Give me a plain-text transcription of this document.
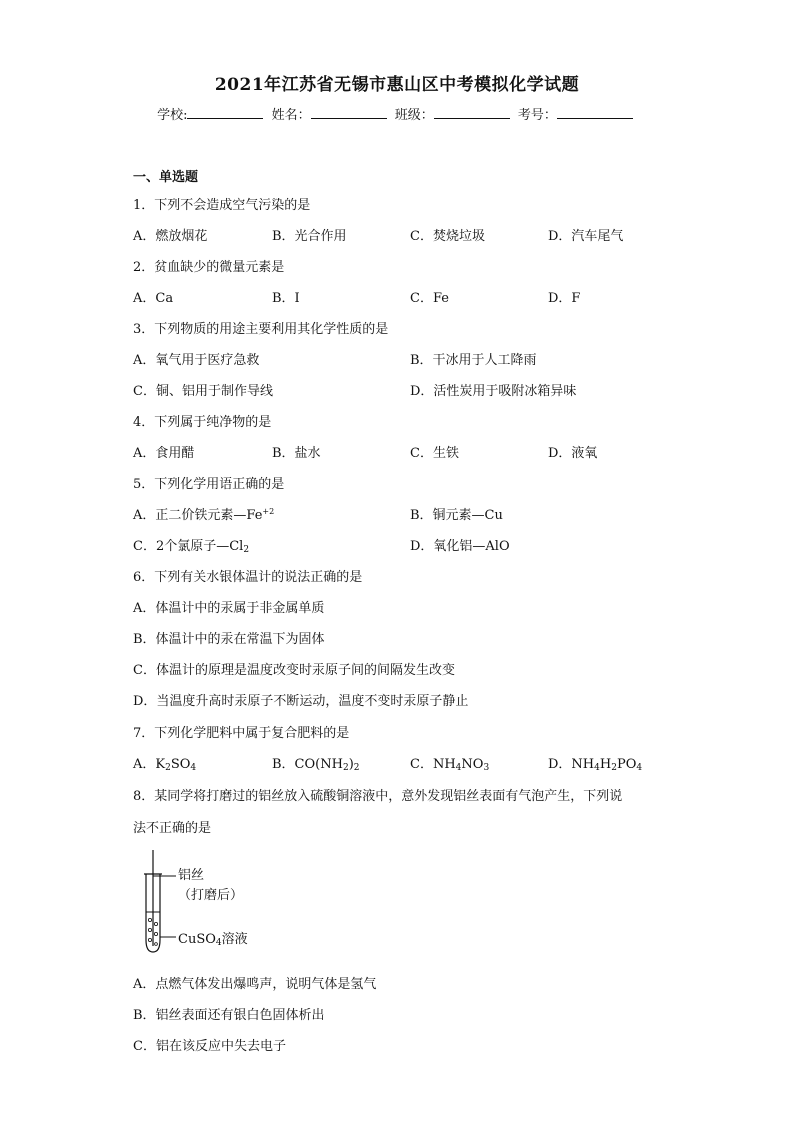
2021年江苏省无锡市惠山区中考模拟化学试题
学校:	姓名：	班级：	考号：
一、单选题
1．下列不会造成空气污染的是
A．燃放烟花	B．光合作用	C．焚烧垃圾	D．汽车尾气
2．贫血缺少的微量元素是
A．Ca	B．I	C．Fe	D．F
3．下列物质的用途主要利用其化学性质的是
A．氧气用于医疗急救	B．干冰用于人工降雨
C．铜、铝用于制作导线	D．活性炭用于吸附冰箱异味
4．下列属于纯净物的是
A．食用醋	B．盐水	C．生铁	D．液氧
5．下列化学用语正确的是
A．正二价铁元素$—Fe^{+2}$	B．铜元素—Cu
C．2个氯原子$—Cl_2$	D．氧化铝—AlO
6．下列有关水银体温计的说法正确的是
A．体温计中的汞属于非金属单质
B．体温计中的汞在常温下为固体
C．体温计的原理是温度改变时汞原子间的间隔发生改变
D．当温度升高时汞原子不断运动，温度不变时汞原子静止
7．下列化学肥料中属于复合肥料的是
A．$K_2SO_4$	B．$CO(NH_2)_2$	C．$NH_4NO_3$	D．$NH_4H_2PO_4$
8．某同学将打磨过的铝丝放入硫酸铜溶液中，意外发现铝丝表面有气泡产生，下列说
法不正确的是
铝丝
（打磨后）
CuSO$_4$溶液
A．点燃气体发出爆鸣声，说明气体是氢气
B．铝丝表面还有银白色固体析出
C．铝在该反应中失去电子
